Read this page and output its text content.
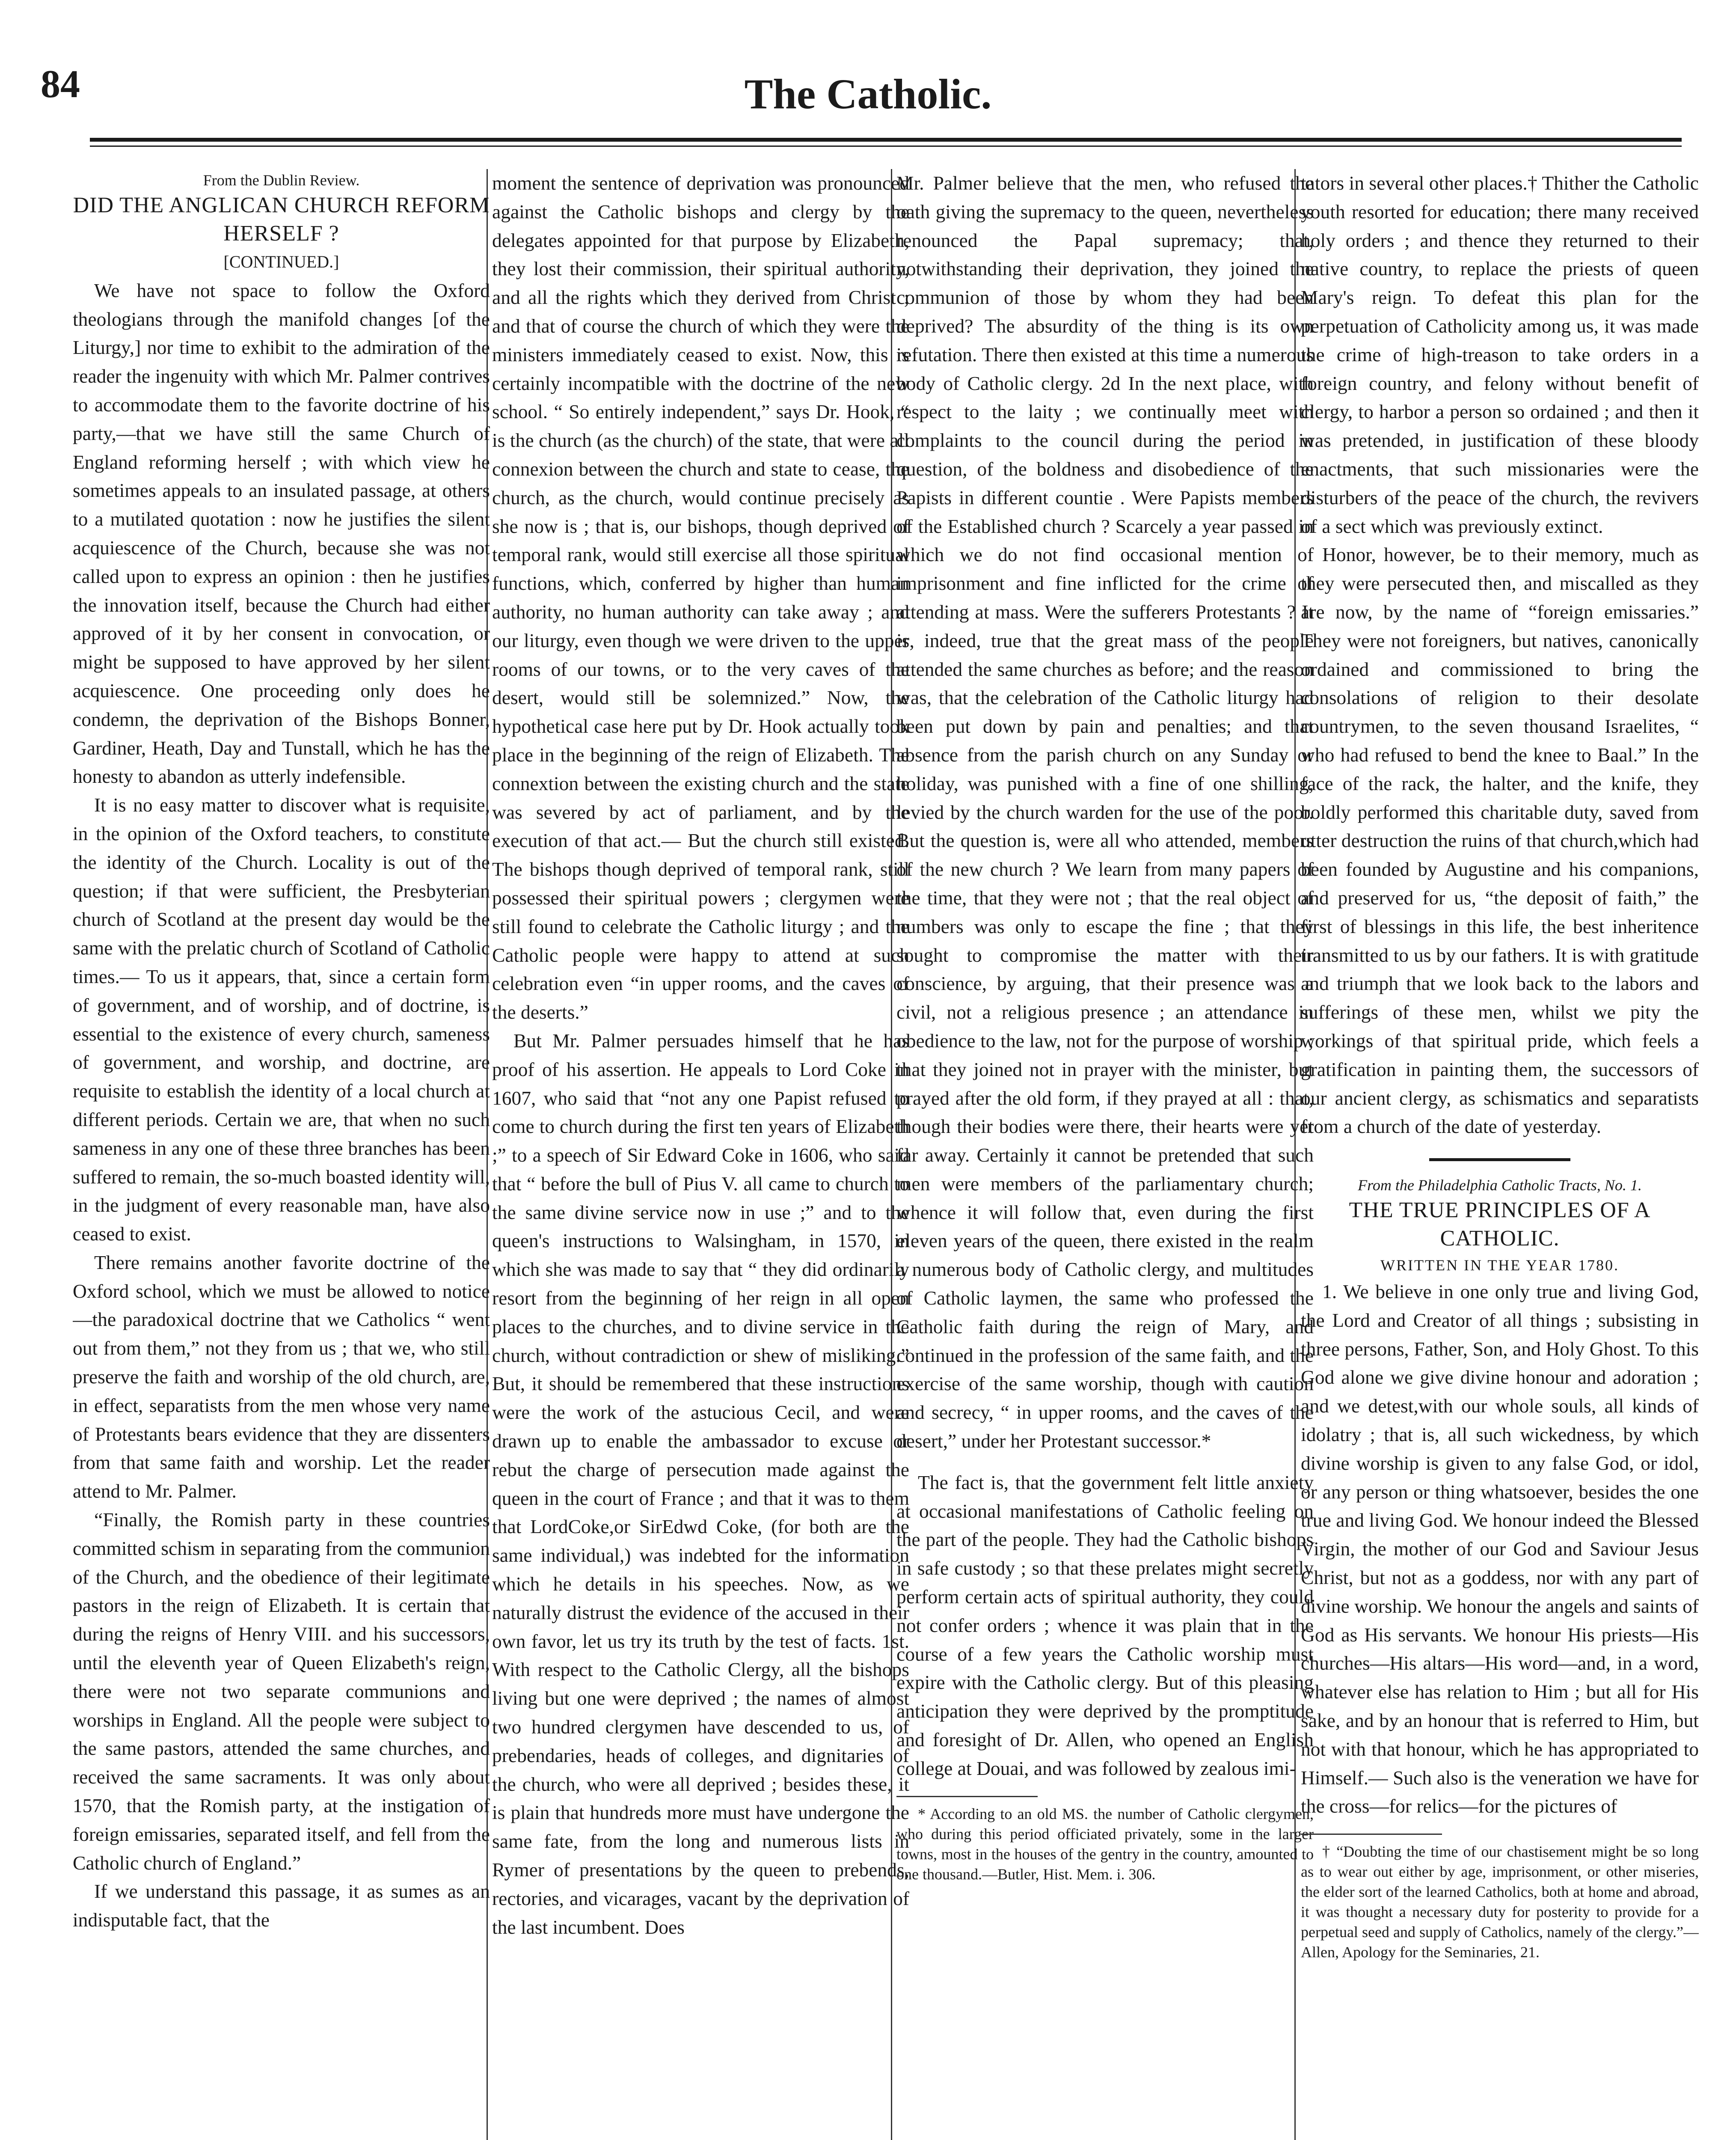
84	The Catholic.

From the Dublin Review.

DID THE ANGLICAN CHURCH REFORM HERSELF ?

[CONTINUED.]

We have not space to follow the Oxford theologians through the manifold changes [of the Liturgy,] nor time to exhibit to the admiration of the reader the ingenuity with which Mr. Palmer contrives to accommodate them to the favorite doctrine of his party,—that we have still the same Church of England reforming herself ; with which view he sometimes appeals to an insulated passage, at others to a mutilated quotation : now he justifies the silent acquiescence of the Church, because she was not called upon to express an opinion : then he justifies the innovation itself, because the Church had either approved of it by her consent in convocation, or might be supposed to have approved by her silent acquiescence. One proceeding only does he condemn, the deprivation of the Bishops Bonner, Gardiner, Heath, Day and Tunstall, which he has the honesty to abandon as utterly indefensible.

It is no easy matter to discover what is requisite, in the opinion of the Oxford teachers, to constitute the identity of the Church. Locality is out of the question; if that were sufficient, the Presbyterian church of Scotland at the present day would be the same with the prelatic church of Scotland of Catholic times.— To us it appears, that, since a certain form of government, and of worship, and of doctrine, is essential to the existence of every church, sameness of government, and worship, and doctrine, are requisite to establish the identity of a local church at different periods. Certain we are, that when no such sameness in any one of these three branches has been suffered to remain, the so-much boasted identity will, in the judgment of every reasonable man, have also ceased to exist.

There remains another favorite doctrine of the Oxford school, which we must be allowed to notice—the paradoxical doctrine that we Catholics “ went out from them,” not they from us ; that we, who still preserve the faith and worship of the old church, are, in effect, separatists from the men whose very name of Protestants bears evidence that they are dissenters from that same faith and worship. Let the reader attend to Mr. Palmer.

“Finally, the Romish party in these countries committed schism in separating from the communion of the Church, and the obedience of their legitimate pastors in the reign of Elizabeth. It is certain that during the reigns of Henry VIII. and his successors, until the eleventh year of Queen Elizabeth's reign, there were not two separate communions and worships in England. All the people were subject to the same pastors, attended the same churches, and received the same sacraments. It was only about 1570, that the Romish party, at the instigation of foreign emissaries, separated itself, and fell from the Catholic church of England.”

If we understand this passage, it as sumes as an indisputable fact, that the

moment the sentence of deprivation was pronounced against the Catholic bishops and clergy by the delegates appointed for that purpose by Elizabeth, they lost their commission, their spiritual authority, and all the rights which they derived from Christ ; and that of course the church of which they were the ministers immediately ceased to exist. Now, this is certainly incompatible with the doctrine of the new school. “ So entirely independent,” says Dr. Hook, “ is the church (as the church) of the state, that were all connexion between the church and state to cease, the church, as the church, would continue precisely as she now is ; that is, our bishops, though deprived of temporal rank, would still exercise all those spiritual functions, which, conferred by higher than human authority, no human authority can take away ; and our liturgy, even though we were driven to the upper rooms of our towns, or to the very caves of the desert, would still be solemnized.” Now, the hypothetical case here put by Dr. Hook actually took place in the beginning of the reign of Elizabeth. The connextion between the existing church and the state was severed by act of parliament, and by the execution of that act.— But the church still existed. The bishops though deprived of temporal rank, still possessed their spiritual powers ; clergymen were still found to celebrate the Catholic liturgy ; and the Catholic people were happy to attend at such celebration even “in upper rooms, and the caves of the deserts.”

But Mr. Palmer persuades himself that he has proof of his assertion. He appeals to Lord Coke in 1607, who said that “not any one Papist refused to come to church during the first ten years of Elizabeth ;” to a speech of Sir Edward Coke in 1606, who said that “ before the bull of Pius V. all came to church to the same divine service now in use ;” and to the queen's instructions to Walsingham, in 1570, in which she was made to say that “ they did ordinarily resort from the beginning of her reign in all open places to the churches, and to divine service in the church, without contradiction or shew of misliking.” But, it should be remembered that these instructions were the work of the astucious Cecil, and were drawn up to enable the ambassador to excuse or rebut the charge of persecution made against the queen in the court of France ; and that it was to them that LordCoke,or SirEdwd Coke, (for both are the same individual,) was indebted for the information which he details in his speeches. Now, as we naturally distrust the evidence of the accused in their own favor, let us try its truth by the test of facts. 1st. With respect to the Catholic Clergy, all the bishops living but one were deprived ; the names of almost two hundred clergymen have descended to us, of prebendaries, heads of colleges, and dignitaries of the church, who were all deprived ; besides these, it is plain that hundreds more must have undergone the same fate, from the long and numerous lists in Rymer of presentations by the queen to prebends, rectories, and vicarages, vacant by the deprivation of the last incumbent. Does

Mr. Palmer believe that the men, who refused the oath giving the supremacy to the queen, nevertheless renounced the Papal supremacy; that, notwithstanding their deprivation, they joined the communion of those by whom they had been deprived? The absurdity of the thing is its own refutation. There then existed at this time a numerous body of Catholic clergy. 2d In the next place, with respect to the laity ; we continually meet with complaints to the council during the period in question, of the boldness and disobedience of the Papists in different countie . Were Papists members of the Established church ? Scarcely a year passed in which we do not find occasional mention of imprisonment and fine inflicted for the crime of attending at mass. Were the sufferers Protestants ? It is, indeed, true that the great mass of the people attended the same churches as before; and the reason was, that the celebration of the Catholic liturgy had been put down by pain and penalties; and that absence from the parish church on any Sunday or holiday, was punished with a fine of one shilling, levied by the church warden for the use of the poor. But the question is, were all who attended, members of the new church ? We learn from many papers of the time, that they were not ; that the real object of numbers was only to escape the fine ; that they sought to compromise the matter with their conscience, by arguing, that their presence was a civil, not a religious presence ; an attendance in obedience to the law, not for the purpose of worship ; that they joined not in prayer with the minister, but prayed after the old form, if they prayed at all : that, though their bodies were there, their hearts were yet far away. Certainly it cannot be pretended that such men were members of the parliamentary church; whence it will follow that, even during the first eleven years of the queen, there existed in the realm a numerous body of Catholic clergy, and multitudes of Catholic laymen, the same who professed the Catholic faith during the reign of Mary, and continued in the profession of the same faith, and the exercise of the same worship, though with caution and secrecy, “ in upper rooms, and the caves of the desert,” under her Protestant successor.*

The fact is, that the government felt little anxiety at occasional manifestations of Catholic feeling on the part of the people. They had the Catholic bishops in safe custody ; so that these prelates might secretly perform certain acts of spiritual authority, they could not confer orders ; whence it was plain that in the course of a few years the Catholic worship must expire with the Catholic clergy. But of this pleasing anticipation they were deprived by the promptitude and foresight of Dr. Allen, who opened an English college at Douai, and was followed by zealous imi-

* According to an old MS. the number of Catholic clergymen, who during this period officiated privately, some in the larger towns, most in the houses of the gentry in the country, amounted to one thousand.—Butler, Hist. Mem. i. 306.

tators in several other places.† Thither the Catholic youth resorted for education; there many received holy orders ; and thence they returned to their native country, to replace the priests of queen Mary's reign. To defeat this plan for the perpetuation of Catholicity among us, it was made the crime of high-treason to take orders in a foreign country, and felony without benefit of clergy, to harbor a person so ordained ; and then it was pretended, in justification of these bloody enactments, that such missionaries were the disturbers of the peace of the church, the revivers of a sect which was previously extinct.

Honor, however, be to their memory, much as they were persecuted then, and miscalled as they are now, by the name of “foreign emissaries.” They were not foreigners, but natives, canonically ordained and commissioned to bring the consolations of religion to their desolate countrymen, to the seven thousand Israelites, “ who had refused to bend the knee to Baal.” In the face of the rack, the halter, and the knife, they boldly performed this charitable duty, saved from utter destruction the ruins of that church,which had been founded by Augustine and his companions, and preserved for us, “the deposit of faith,” the first of blessings in this life, the best inheritence transmitted to us by our fathers. It is with gratitude and triumph that we look back to the labors and sufferings of these men, whilst we pity the workings of that spiritual pride, which feels a gratification in painting them, the successors of our ancient clergy, as schismatics and separatists from a church of the date of yesterday.

From the Philadelphia Catholic Tracts, No. 1.

THE TRUE PRINCIPLES OF A CATHOLIC.

WRITTEN IN THE YEAR 1780.

1. We believe in one only true and living God, the Lord and Creator of all things ; subsisting in three persons, Father, Son, and Holy Ghost. To this God alone we give divine honour and adoration ; and we detest,with our whole souls, all kinds of idolatry ; that is, all such wickedness, by which divine worship is given to any false God, or idol, or any person or thing whatsoever, besides the one true and living God. We honour indeed the Blessed Virgin, the mother of our God and Saviour Jesus Christ, but not as a goddess, nor with any part of divine worship. We honour the angels and saints of God as His servants. We honour His priests—His churches—His altars—His word—and, in a word, whatever else has relation to Him ; but all for His sake, and by an honour that is referred to Him, but not with that honour, which he has appropriated to Himself.— Such also is the veneration we have for the cross—for relics—for the pictures of

† “Doubting the time of our chastisement might be so long as to wear out either by age, imprisonment, or other miseries, the elder sort of the learned Catholics, both at home and abroad, it was thought a necessary duty for posterity to provide for a perpetual seed and supply of Catholics, namely of the clergy.”—Allen, Apology for the Seminaries, 21.
